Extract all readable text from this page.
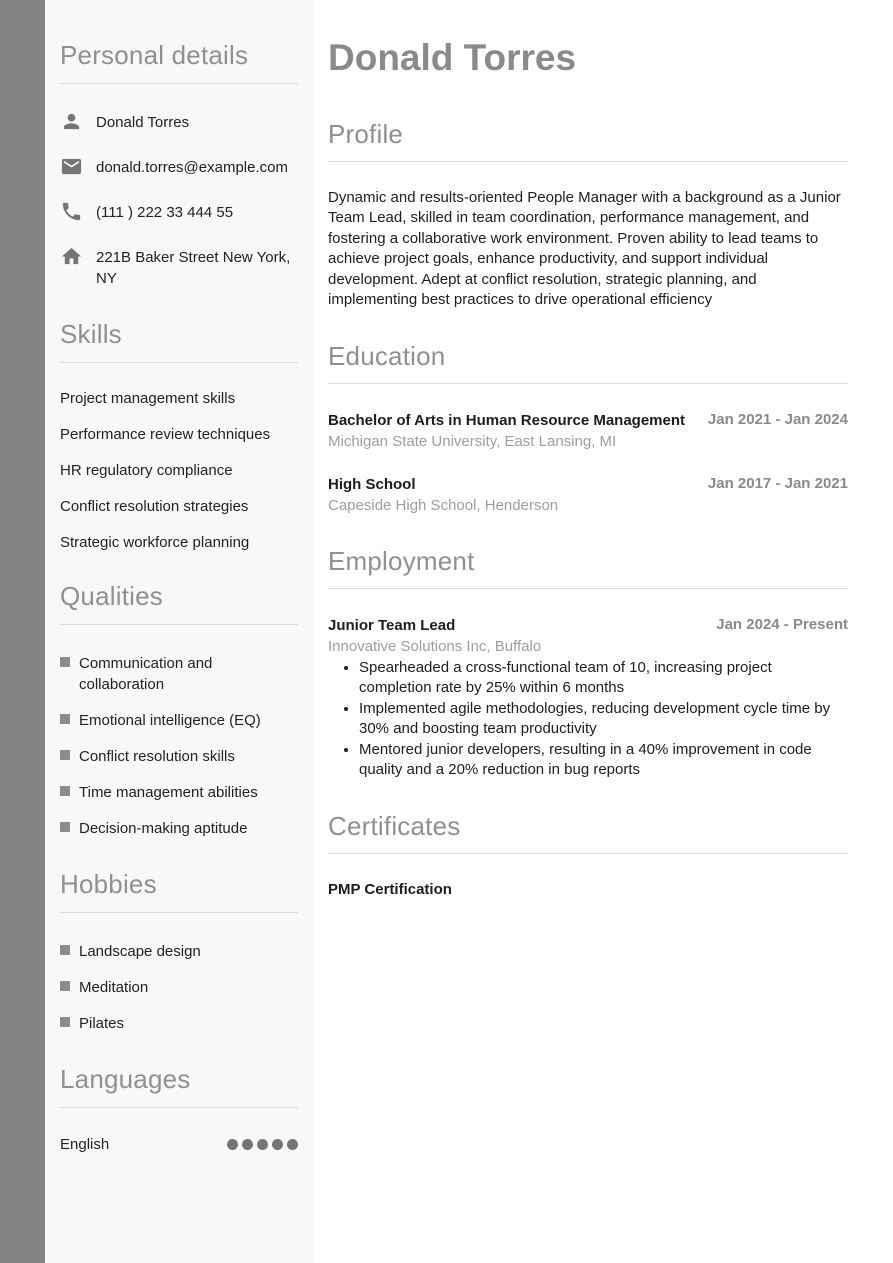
Personal details
Donald Torres
donald.torres@example.com
(111 ) 222 33 444 55
221B Baker Street New York, NY
Skills
Project management skills
Performance review techniques
HR regulatory compliance
Conflict resolution strategies
Strategic workforce planning
Qualities
Communication and collaboration
Emotional intelligence (EQ)
Conflict resolution skills
Time management abilities
Decision-making aptitude
Hobbies
Landscape design
Meditation
Pilates
Languages
English
Donald Torres
Profile

Dynamic and results-oriented People Manager with a background as a Junior Team Lead, skilled in team coordination, performance management, and fostering a collaborative work environment. Proven ability to lead teams to achieve project goals, enhance productivity, and support individual development. Adept at conflict resolution, strategic planning, and implementing best practices to drive operational efficiency

Education
Bachelor of Arts in Human Resource Management Jan 2021 - Jan 2024
Michigan State University, East Lansing, MI
High School	Jan 2017 - Jan 2021
Capeside High School, Henderson
Employment
Junior Team Lead	Jan 2024 - Present
Innovative Solutions Inc, Buffalo
• Spearheaded a cross-functional team of 10, increasing project completion rate by 25% within 6 months
• Implemented agile methodologies, reducing development cycle time by 30% and boosting team productivity
• Mentored junior developers, resulting in a 40% improvement in code quality and a 20% reduction in bug reports
Certificates

PMP Certification
